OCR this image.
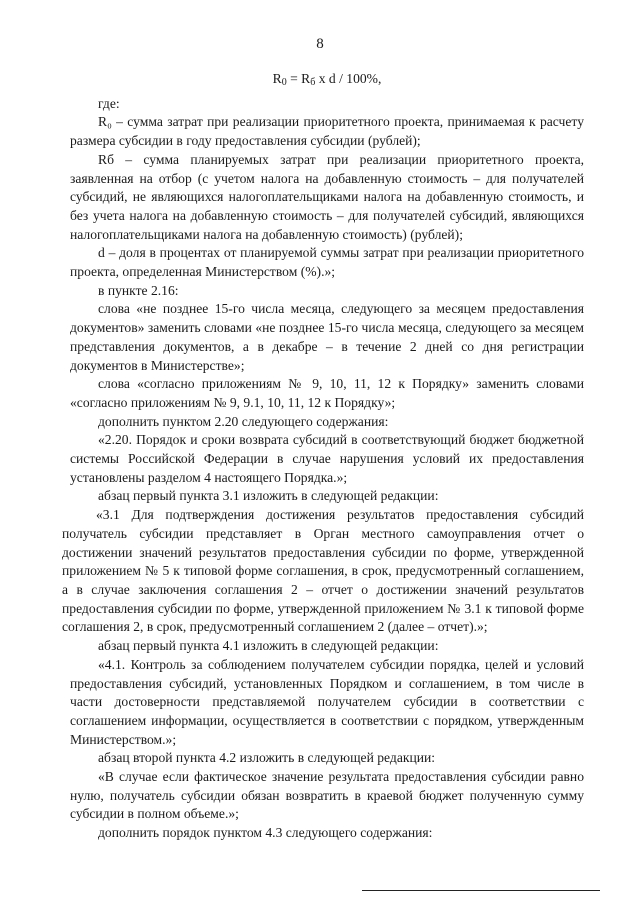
8
$R_0 = R_б$ x d / 100%,

где:

R₀ – сумма затрат при реализации приоритетного проекта, принимаемая к расчету размера субсидии в году предоставления субсидии (рублей);

Rб – сумма планируемых затрат при реализации приоритетного проекта, заявленная на отбор (с учетом налога на добавленную стоимость – для получателей субсидий, не являющихся налогоплательщиками налога на добавленную стоимость, и без учета налога на добавленную стоимость – для получателей субсидий, являющихся налогоплательщиками налога на добавленную стоимость) (рублей);

d – доля в процентах от планируемой суммы затрат при реализации приоритетного проекта, определенная Министерством (%).»;

в пункте 2.16:

слова «не позднее 15-го числа месяца, следующего за месяцем предоставления документов» заменить словами «не позднее 15-го числа месяца, следующего за месяцем представления документов, а в декабре – в течение 2 дней со дня регистрации документов в Министерстве»;

слова «согласно приложениям № 9, 10, 11, 12 к Порядку» заменить словами «согласно приложениям № 9, 9.1, 10, 11, 12 к Порядку»;

дополнить пунктом 2.20 следующего содержания:

«2.20. Порядок и сроки возврата субсидий в соответствующий бюджет бюджетной системы Российской Федерации в случае нарушения условий их предоставления установлены разделом 4 настоящего Порядка.»;

абзац первый пункта 3.1 изложить в следующей редакции:

«3.1 Для подтверждения достижения результатов предоставления субсидий получатель субсидии представляет в Орган местного самоуправления отчет о достижении значений результатов предоставления субсидии по форме, утвержденной приложением № 5 к типовой форме соглашения, в срок, предусмотренный соглашением, а в случае заключения соглашения 2 – отчет о достижении значений результатов предоставления субсидии по форме, утвержденной приложением № 3.1 к типовой форме соглашения 2, в срок, предусмотренный соглашением 2 (далее – отчет).»;

абзац первый пункта 4.1 изложить в следующей редакции:

«4.1. Контроль за соблюдением получателем субсидии порядка, целей и условий предоставления субсидий, установленных Порядком и соглашением, в том числе в части достоверности представляемой получателем субсидии в соответствии с соглашением информации, осуществляется в соответствии с порядком, утвержденным Министерством.»;

абзац второй пункта 4.2 изложить в следующей редакции:

«В случае если фактическое значение результата предоставления субсидии равно нулю, получатель субсидии обязан возвратить в краевой бюджет полученную сумму субсидии в полном объеме.»;

дополнить порядок пунктом 4.3 следующего содержания:
